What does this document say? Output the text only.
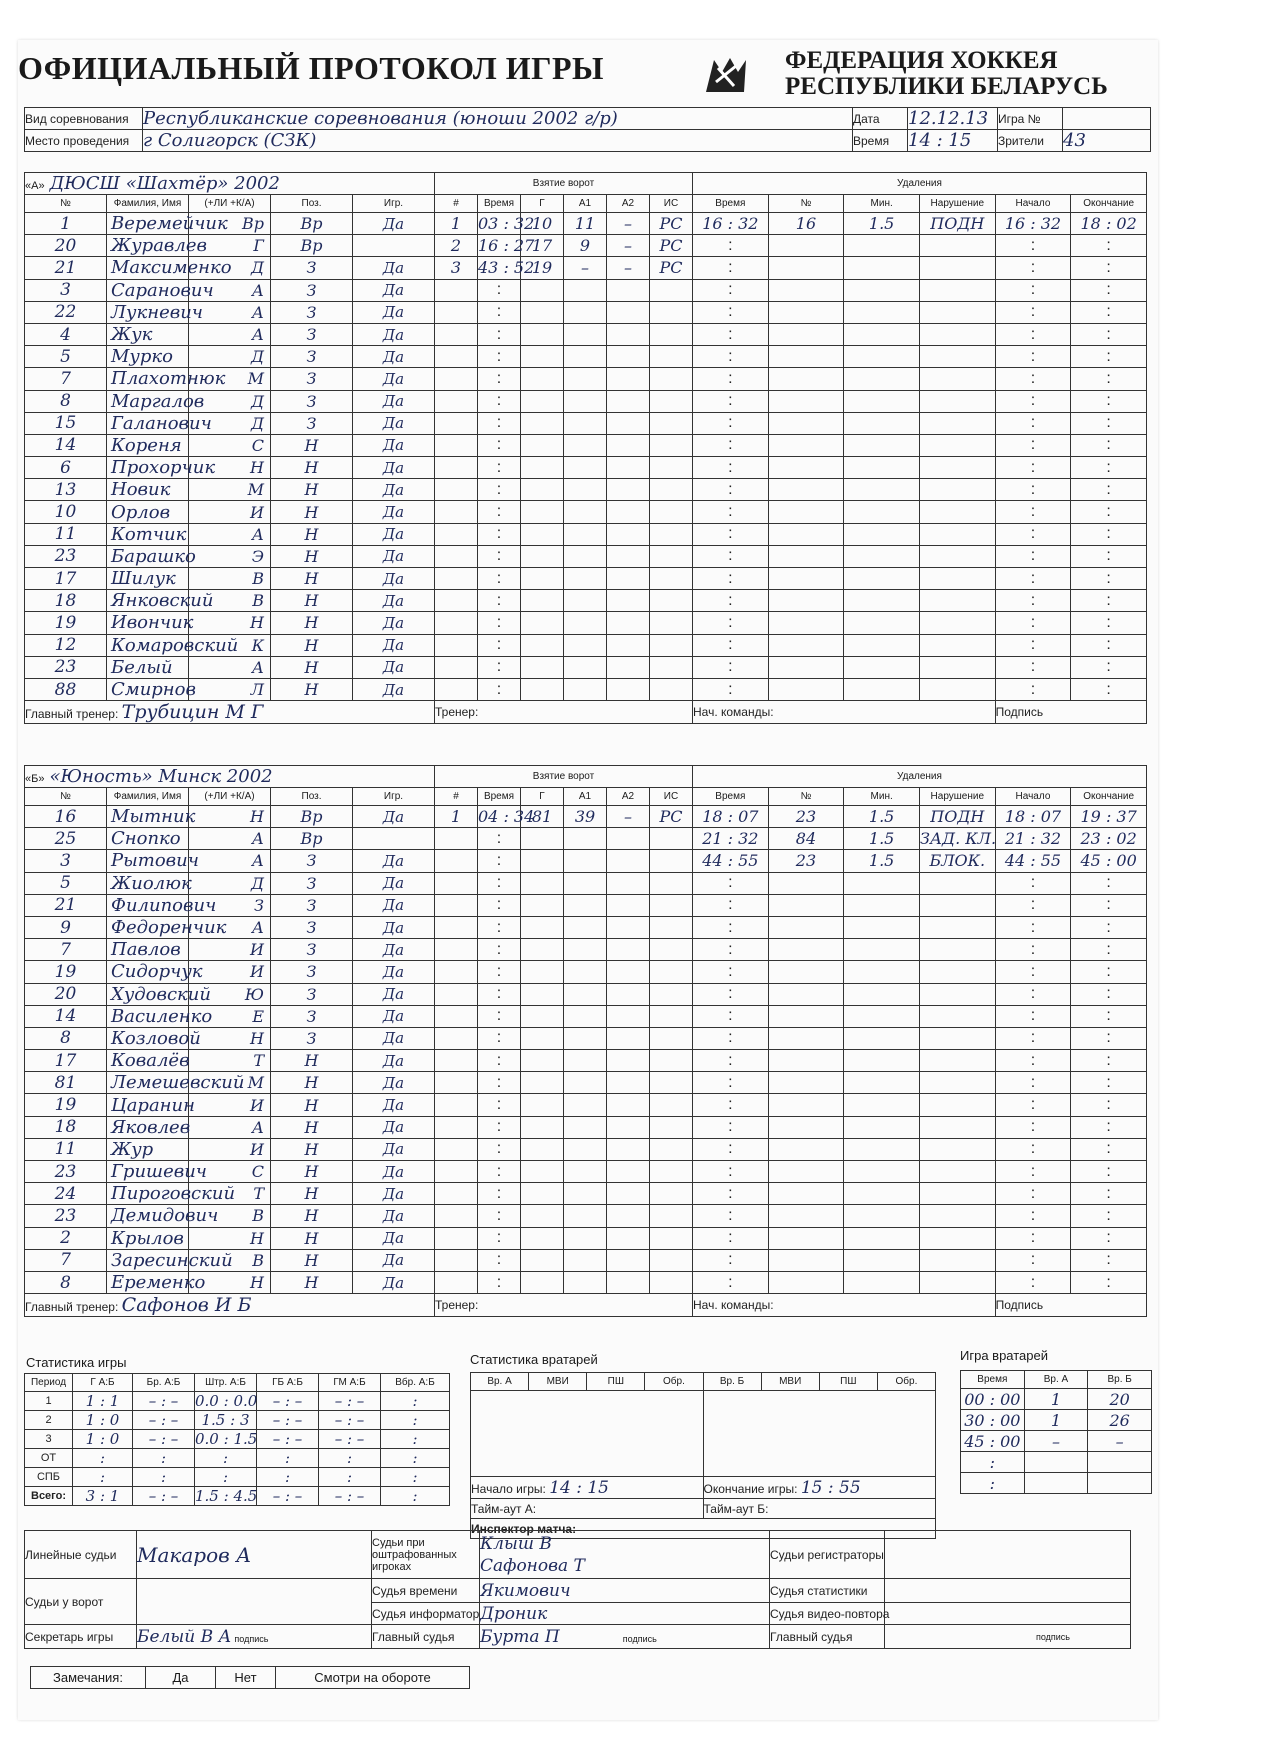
ОФИЦИАЛЬНЫЙ ПРОТОКОЛ ИГРЫ	ФЕДЕРАЦИЯ ХОККЕЯ
РЕСПУБЛИКИ БЕЛАРУСЬ
Вид соревнования	Республиканские соревнования (юноши 2002 г/р)	Дата	12.12.13	Игра №	
Место проведения	г Солигорск (СЗК)	Время	14 : 15	Зрители	43
«А» ДЮСШ «Шахтёр» 2002					Взятие ворот						Удаления					
№	Фамилия, Имя	(+ЛИ +К/А)	Поз.	Игр.	#	Время	Г	А1	А2	ИС	Время	№	Мин.	Нарушение	Начало	Окончание
1	Веремейчик	Вр	Вр	Да	1	03 : 32	10	11	–	РС	16 : 32	16	1.5	ПОДН	16 : 32	18 : 02
20	Журавлев	Г	Вр		2	16 : 27	17	9	–	РС	:				:	:
21	Максименко	Д	З	Да	3	43 : 52	19	–	–	РС	:				:	:
3	Саранович	А	З	Да		:					:				:	:
22	Лукневич	А	З	Да		:					:				:	:
4	Жук	А	З	Да		:					:				:	:
5	Мурко	Д	З	Да		:					:				:	:
7	Плахотнюк	М	З	Да		:					:				:	:
8	Маргалов	Д	З	Да		:					:				:	:
15	Галанович	Д	З	Да		:					:				:	:
14	Кореня	С	Н	Да		:					:				:	:
6	Прохорчик	Н	Н	Да		:					:				:	:
13	Новик	М	Н	Да		:					:				:	:
10	Орлов	И	Н	Да		:					:				:	:
11	Котчик	А	Н	Да		:					:				:	:
23	Барашко	Э	Н	Да		:					:				:	:
17	Шилук	В	Н	Да		:					:				:	:
18	Янковский	В	Н	Да		:					:				:	:
19	Ивончик	Н	Н	Да		:					:				:	:
12	Комаровский	К	Н	Да		:					:				:	:
23	Белый	А	Н	Да		:					:				:	:
88	Смирнов	Л	Н	Да		:					:				:	:
Главный тренер: Трубицин М Г					Тренер:						Нач. команды:				Подпись	
«Б» «Юность» Минск 2002					Взятие ворот						Удаления					
№	Фамилия, Имя	(+ЛИ +К/А)	Поз.	Игр.	#	Время	Г	А1	А2	ИС	Время	№	Мин.	Нарушение	Начало	Окончание
16	Мытник	Н	Вр	Да	1	04 : 34	81	39	–	РС	18 : 07	23	1.5	ПОДН	18 : 07	19 : 37
25	Снопко	А	Вр			:					21 : 32	84	1.5	ЗАД. КЛ.	21 : 32	23 : 02
3	Рытович	А	З	Да		:					44 : 55	23	1.5	БЛОК.	44 : 55	45 : 00
5	Жиолюк	Д	З	Да		:					:				:	:
21	Филипович	З	З	Да		:					:				:	:
9	Федоренчик	А	З	Да		:					:				:	:
7	Павлов	И	З	Да		:					:				:	:
19	Сидорчук	И	З	Да		:					:				:	:
20	Худовский	Ю	З	Да		:					:				:	:
14	Василенко	Е	З	Да		:					:				:	:
8	Козловой	Н	З	Да		:					:				:	:
17	Ковалёв	Т	Н	Да		:					:				:	:
81	Лемешевский	М	Н	Да		:					:				:	:
19	Царанин	И	Н	Да		:					:				:	:
18	Яковлев	А	Н	Да		:					:				:	:
11	Жур	И	Н	Да		:					:				:	:
23	Гришевич	С	Н	Да		:					:				:	:
24	Пироговский	Т	Н	Да		:					:				:	:
23	Демидович	В	Н	Да		:					:				:	:
2	Крылов	Н	Н	Да		:					:				:	:
7	Заресинский	В	Н	Да		:					:				:	:
8	Еременко	Н	Н	Да		:					:				:	:
Главный тренер: Сафонов И Б					Тренер:						Нач. команды:				Подпись	
Статистика игры
Период	Г А:Б	Бр. А:Б	Штр. А:Б	ГБ А:Б	ГМ А:Б	Вбр. А:Б
1	1 : 1	– : –	0.0 : 0.0	– : –	– : –	:
2	1 : 0	– : –	1.5 : 3	– : –	– : –	:
3	1 : 0	– : –	0.0 : 1.5	– : –	– : –	:
ОТ	:	:	:	:	:	:
СПБ	:	:	:	:	:	:
Всего:	3 : 1	– : –	1.5 : 4.5	– : –	– : –	:
Статистика вратарей
Вр. А	МВИ	ПШ	Обр.	Вр. Б	МВИ	ПШ	Обр.

Начало игры: 14 : 15				Окончание игры: 15 : 55			
Тайм-аут А:				Тайм-аут Б:			
Инспектор матча:							
Игра вратарей
Время	Вр. А	Вр. Б
00 : 00	1	20
30 : 00	1	26
45 : 00	–	–
:		
:		
Линейные судьи	Макаров А	Судьи при оштрафованных игроках	Клыш В
Сафонова Т	Судьи регистраторы	
Судьи у ворот		Судья времени	Якимович	Судья статистики	
		Судья информатор	Дроник	Судья видео-повтора	
Секретарь игры	Белый В А подпись	Главный судья	Бурта П подпись	Главный судья	подпись
Замечания:	Да	Нет	Смотри на обороте
